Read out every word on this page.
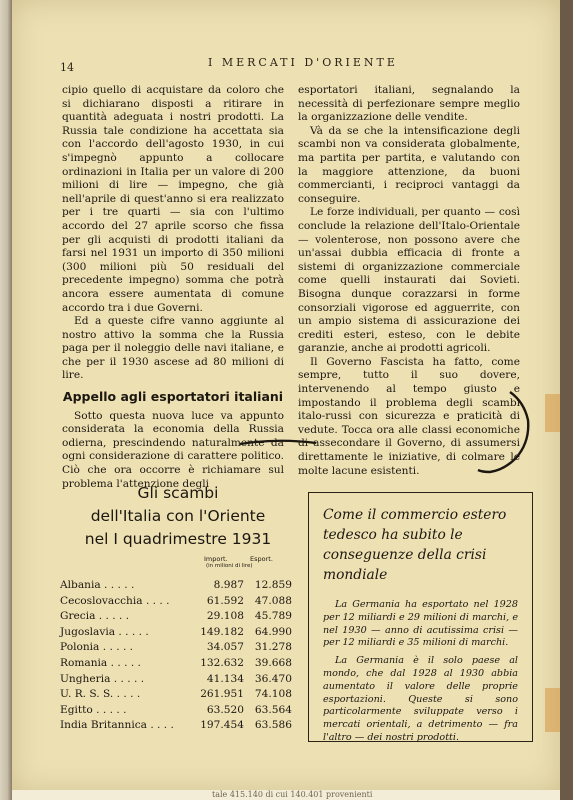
14	I MERCATI D'ORIENTE

cipio quello di acquistare da coloro che si dichiarano disposti a ritirare in quantità adeguata i nostri prodotti. La Russia tale condizione ha accettata sia con l'accordo dell'agosto 1930, in cui s'impegnò appunto a collocare ordinazioni in Italia per un valore di 200 milioni di lire — impegno, che già nell'aprile di quest'anno si era realizzato per i tre quarti — sia con l'ultimo accordo del 27 aprile scorso che fissa per gli acquisti di prodotti italiani da farsi nel 1931 un importo di 350 milioni (300 milioni più 50 residuali del precedente impegno) somma che potrà ancora essere aumentata di comune accordo tra i due Governi.

Ed a queste cifre vanno aggiunte al nostro attivo la somma che la Russia paga per il noleggio delle navi italiane, e che per il 1930 ascese ad 80 milioni di lire.

Appello agli esportatori italiani

Sotto questa nuova luce va appunto considerata la economia della Russia odierna, prescindendo naturalmente da ogni considerazione di carattere politico. Ciò che ora occorre è richiamare sul problema l'attenzione degli

esportatori italiani, segnalando la necessità di perfezionare sempre meglio la organizzazione delle vendite.

Và da se che la intensificazione degli scambi non va considerata globalmente, ma partita per partita, e valutando con la maggiore attenzione, da buoni commercianti, i reciproci vantaggi da conseguire.

Le forze individuali, per quanto — così conclude la relazione dell'Italo-Orientale — volenterose, non possono avere che un'assai dubbia efficacia di fronte a sistemi di organizzazione commerciale come quelli instaurati dai Sovieti. Bisogna dunque corazzarsi in forme consorziali vigorose ed agguerrite, con un ampio sistema di assicurazione dei crediti esteri, esteso, con le debite garanzie, anche ai prodotti agricoli.

Il Governo Fascista ha fatto, come sempre, tutto il suo dovere, intervenendo al tempo giusto e impostando il problema degli scambi italo-russi con sicurezza e praticità di vedute. Tocca ora alle classi economiche di assecondare il Governo, di assumersi direttamente le iniziative, di colmare le molte lacune esistenti.

Gli scambi

dell'Italia con l'Oriente

nel I quadrimestre 1931

Import.	Esport.
(in milioni di lire)
Albania . . . . .	8.987 12.859
Cecoslovacchia . . . .	61.592 47.088
Grecia . . . . .	29.108 45.789
Jugoslavia . . . . .	149.182 64.990
Polonia . . . . .	34.057 31.278
Romania . . . . .	132.632 39.668
Ungheria . . . . .	41.134 36.470
U. R. S. S. . . . .	261.951 74.108
Egitto . . . . .	63.520 63.564
India Britannica . . . . 197.454 63.586

Come il commercio estero tedesco ha subito le conseguenze della crisi mondiale

La Germania ha esportato nel 1928 per 12 miliardi e 29 milioni di marchi, e nel 1930 — anno di acutissima crisi — per 12 miliardi e 35 milioni di marchi.

La Germania è il solo paese al mondo, che dal 1928 al 1930 abbia aumentato il valore delle proprie esportazioni. Queste si sono particolarmente sviluppate verso i mercati orientali, a detrimento — fra l'altro — dei nostri prodotti.

tale 415.140 di cui 140.401 provenienti
